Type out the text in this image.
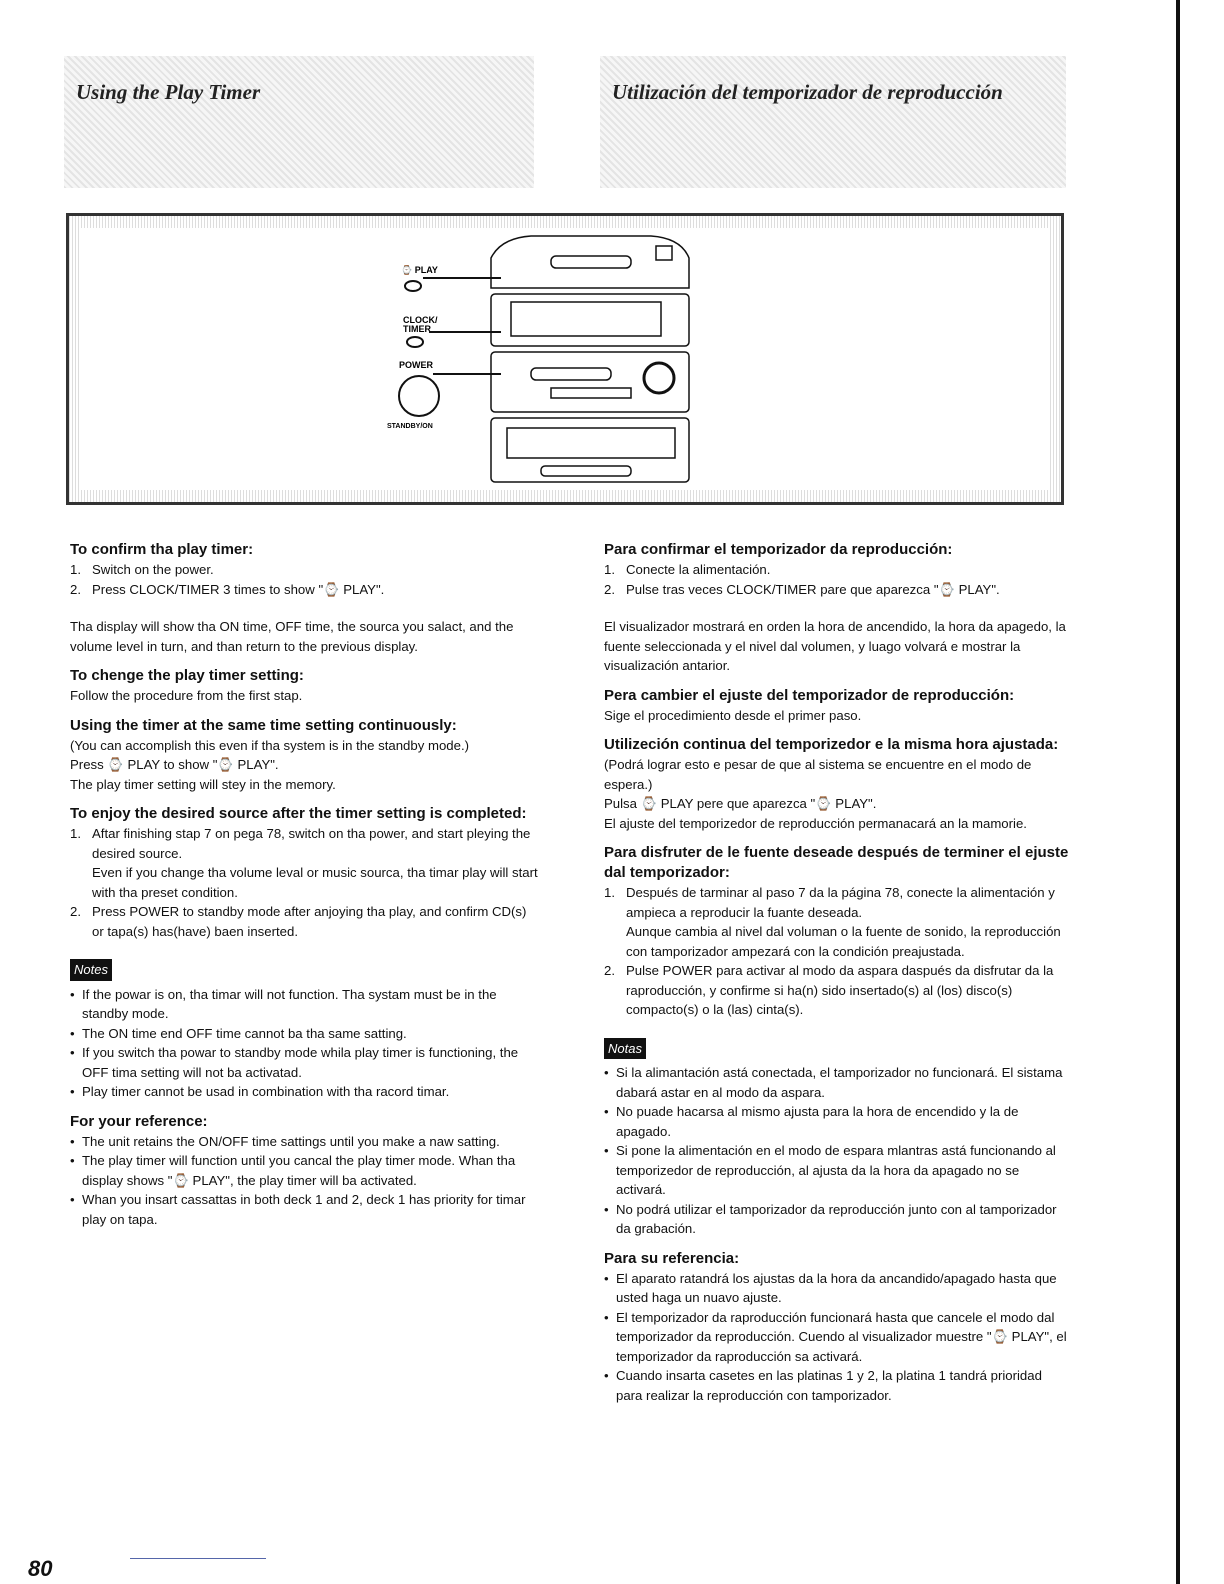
Using the Play Timer	Utilización del temporizador de reproducción
⌚ PLAY
CLOCK/
TIMER
POWER
STANDBY/ON
To confirm tha play timer:
1. Switch on the power.
2. Press CLOCK/TIMER 3 times to show "⌚ PLAY".

Tha display will show tha ON time, OFF time, the sourca you salact, and the volume level in turn, and than return to the previous display.

To chenge the play timer setting:

Follow the procedure from the first stap.

Using the timer at the same time setting continuously:

(You can accomplish this even if tha system is in the standby mode.)

Press ⌚ PLAY to show "⌚ PLAY".

The play timer setting will stey in the memory.

To enjoy the desired source after the timer setting is completed:
1. Aftar finishing stap 7 on pega 78, switch on tha power, and start pleying the desired source.
Even if you change tha volume leval or music sourca, tha timar play will start with tha preset condition.
2. Press POWER to standby mode after anjoying tha play, and confirm CD(s) or tapa(s) has(have) baen inserted.
Notes
• If the powar is on, tha timar will not function. Tha systam must be in the standby mode.
• The ON time end OFF time cannot ba tha same satting.
• If you switch tha powar to standby mode whila play timer is functioning, the OFF tima setting will not ba activatad.
• Play timer cannot be usad in combination with tha racord timar.
For your reference:
• The unit retains the ON/OFF time sattings until you make a naw satting.
• The play timer will function until you cancal the play timer mode. Whan tha display shows "⌚ PLAY", the play timer will ba activated.
• Whan you insart cassattas in both deck 1 and 2, deck 1 has priority for timar play on tapa.
Para confirmar el temporizador da reproducción:
1. Conecte la alimentación.
2. Pulse tras veces CLOCK/TIMER pare que aparezca "⌚ PLAY".

El visualizador mostrará en orden la hora de ancendido, la hora da apagedo, la fuente seleccionada y el nivel dal volumen, y luago volvará e mostrar la visualización antarior.

Pera cambier el ejuste del temporizador de reproducción:

Sige el procedimiento desde el primer paso.

Utilizeción continua del temporizedor e la misma hora ajustada:

(Podrá lograr esto e pesar de que al sistema se encuentre en el modo de espera.)

Pulsa ⌚ PLAY pere que aparezca "⌚ PLAY".

El ajuste del temporizedor de reproducción permanacará an la mamorie.

Para disfruter de le fuente deseade después de terminer el ejuste dal temporizador:
1. Después de tarminar al paso 7 da la página 78, conecte la alimentación y ampieca a reproducir la fuante deseada.
Aunque cambia al nivel dal voluman o la fuente de sonido, la reproducción con tamporizador ampezará con la condición preajustada.
2. Pulse POWER para activar al modo da aspara daspués da disfrutar da la raproducción, y confirme si ha(n) sido insertado(s) al (los) disco(s) compacto(s) o la (las) cinta(s).
Notas
• Si la alimantación astá conectada, el tamporizador no funcionará. El sistama dabará astar en al modo da aspara.
• No puade hacarsa al mismo ajusta para la hora de encendido y la de apagado.
• Si pone la alimentación en el modo de espara mlantras astá funcionando al temporizedor de reproducción, al ajusta da la hora da apagado no se activará.
• No podrá utilizar el tamporizador da reproducción junto con al tamporizador da grabación.
Para su referencia:
• El aparato ratandrá los ajustas da la hora da ancandido/apagado hasta que usted haga un nuavo ajuste.
• El temporizador da raproducción funcionará hasta que cancele el modo dal temporizador da reproducción. Cuendo al visualizador muestre "⌚ PLAY", el temporizador da raproducción sa activará.
• Cuando insarta casetes en las platinas 1 y 2, la platina 1 tandrá prioridad para realizar la reproducción con tamporizador.
80
